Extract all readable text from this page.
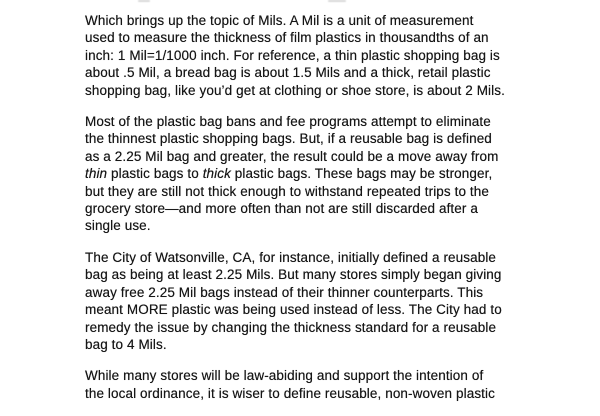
Which brings up the topic of Mils. A Mil is a unit of measurement
used to measure the thickness of film plastics in thousandths of an
inch: 1 Mil=1/1000 inch. For reference, a thin plastic shopping bag is
about .5 Mil, a bread bag is about 1.5 Mils and a thick, retail plastic
shopping bag, like you’d get at clothing or shoe store, is about 2 Mils.
Most of the plastic bag bans and fee programs attempt to eliminate
the thinnest plastic shopping bags. But, if a reusable bag is defined
as a 2.25 Mil bag and greater, the result could be a move away from
thin plastic bags to thick plastic bags. These bags may be stronger,
but they are still not thick enough to withstand repeated trips to the
grocery store—and more often than not are still discarded after a
single use.
The City of Watsonville, CA, for instance, initially defined a reusable
bag as being at least 2.25 Mils. But many stores simply began giving
away free 2.25 Mil bags instead of their thinner counterparts. This
meant MORE plastic was being used instead of less. The City had to
remedy the issue by changing the thickness standard for a reusable
bag to 4 Mils.
While many stores will be law-abiding and support the intention of
the local ordinance, it is wiser to define reusable, non-woven plastic
